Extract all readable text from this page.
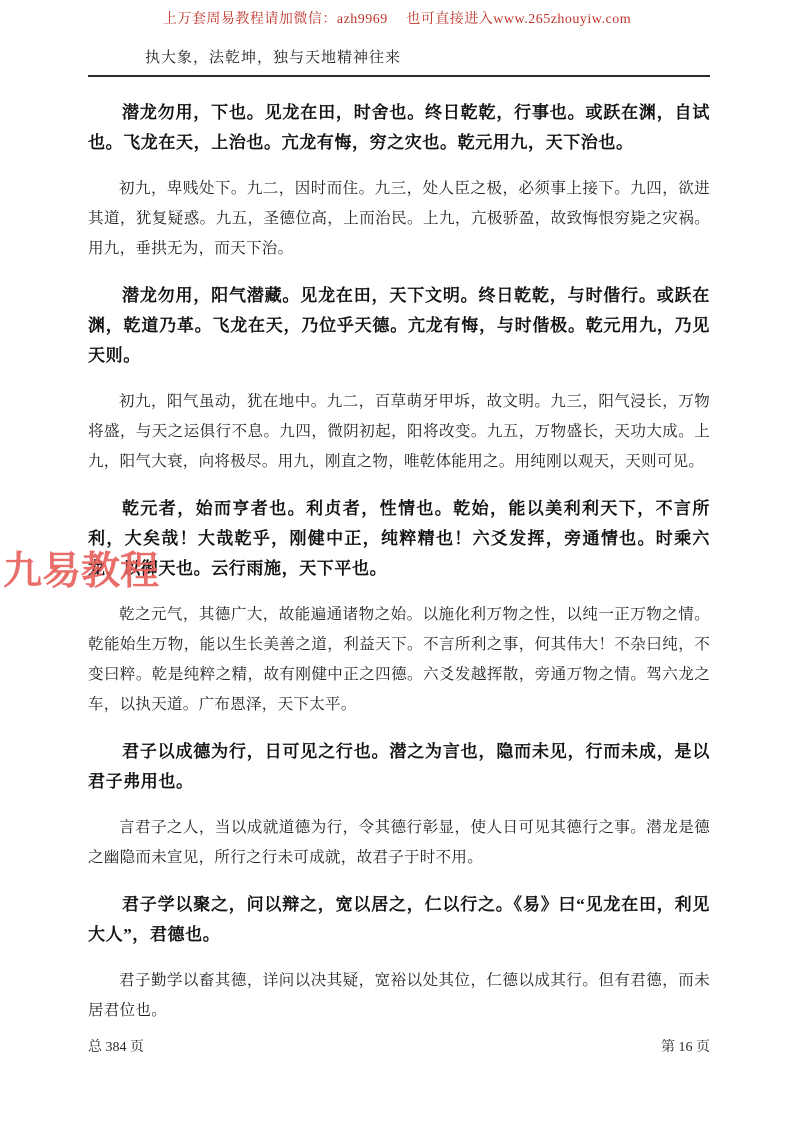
上万套周易教程请加微信：azh9969　 也可直接进入www.265zhouyiw.com
执大象，法乾坤，独与天地精神往来

潜龙勿用，下也。见龙在田，时舍也。终日乾乾，行事也。或跃在渊，自试也。飞龙在天，上治也。亢龙有悔，穷之灾也。乾元用九，天下治也。

初九，卑贱处下。九二，因时而住。九三，处人臣之极，必须事上接下。九四，欲进其道，犹复疑惑。九五，圣德位高，上而治民。上九，亢极骄盈，故致悔恨穷毙之灾祸。用九，垂拱无为，而天下治。

潜龙勿用，阳气潜藏。见龙在田，天下文明。终日乾乾，与时偕行。或跃在渊，乾道乃革。飞龙在天，乃位乎天德。亢龙有悔，与时偕极。乾元用九，乃见天则。

初九，阳气虽动，犹在地中。九二，百草萌牙甲坼，故文明。九三，阳气浸长，万物将盛，与天之运俱行不息。九四，微阴初起，阳将改变。九五，万物盛长，天功大成。上九，阳气大衰，向将极尽。用九，刚直之物，唯乾体能用之。用纯刚以观天，天则可见。

乾元者，始而亨者也。利贞者，性情也。乾始，能以美利利天下，不言所利，大矣哉！大哉乾乎，刚健中正，纯粹精也！六爻发挥，旁通情也。时乘六龙，以御天也。云行雨施，天下平也。

乾之元气，其德广大，故能遍通诸物之始。以施化利万物之性，以纯一正万物之情。乾能始生万物，能以生长美善之道，利益天下。不言所利之事，何其伟大！不杂曰纯，不变曰粹。乾是纯粹之精，故有刚健中正之四德。六爻发越挥散，旁通万物之情。驾六龙之车，以执天道。广布恩泽，天下太平。

君子以成德为行，日可见之行也。潜之为言也，隐而未见，行而未成，是以君子弗用也。

言君子之人，当以成就道德为行，令其德行彰显，使人日可见其德行之事。潜龙是德之幽隐而未宣见，所行之行未可成就，故君子于时不用。

君子学以聚之，问以辩之，宽以居之，仁以行之。《易》曰“见龙在田，利见大人”，君德也。

君子勤学以畜其德，详问以决其疑，宽裕以处其位，仁德以成其行。但有君德，而未居君位也。

九易教程
总 384 页	第 16 页
